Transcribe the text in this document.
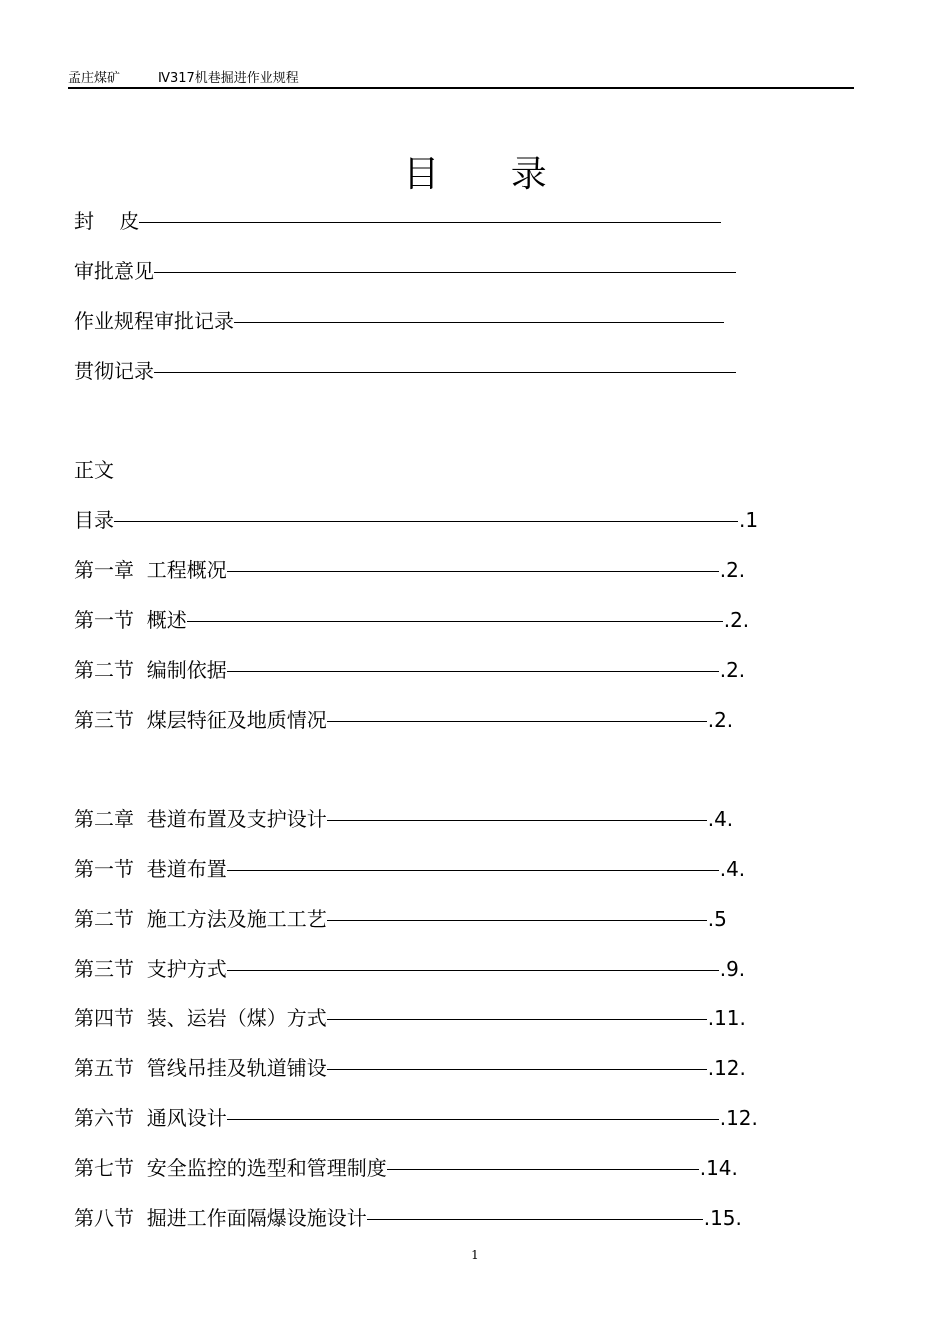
孟庄煤矿	Ⅳ317机巷掘进作业规程
目 录
封    皮
审批意见
作业规程审批记录
贯彻记录
正文
目录	.1
第一章  工程概况	.2.
第一节  概述	.2.
第二节  编制依据	.2.
第三节  煤层特征及地质情况	.2.
第二章  巷道布置及支护设计	.4.
第一节  巷道布置	.4.
第二节  施工方法及施工工艺	.5
第三节  支护方式	.9.
第四节  装、运岩（煤）方式	.11.
第五节  管线吊挂及轨道铺设	.12.
第六节  通风设计	.12.
第七节  安全监控的选型和管理制度	.14.
第八节  掘进工作面隔爆设施设计	.15.
1
